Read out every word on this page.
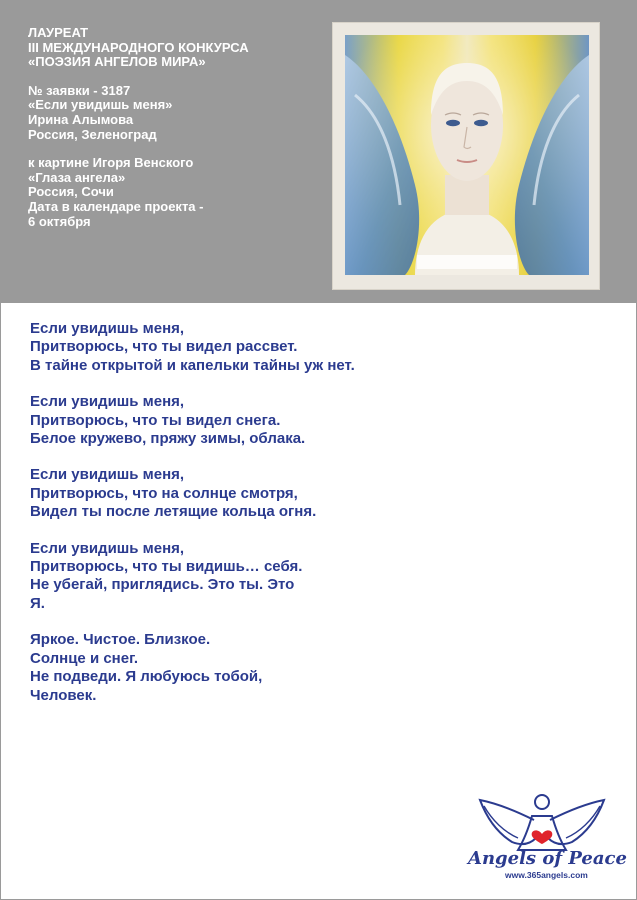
ЛАУРЕАТ
III МЕЖДУНАРОДНОГО КОНКУРСА
«ПОЭЗИЯ АНГЕЛОВ МИРА»
№ заявки - 3187
«Если увидишь меня»
Ирина Алымова
Россия, Зеленоград
к картине Игоря Венского
«Глаза ангела»
Россия, Сочи
Дата в календаре проекта -
6 октября
Если увидишь меня,
Притворюсь, что ты видел рассвет.
В тайне открытой и капельки тайны уж нет.
Если увидишь меня,
Притворюсь, что ты видел снега.
Белое кружево, пряжу зимы, облака.
Если увидишь меня,
Притворюсь, что на солнце смотря,
Видел ты после летящие кольца огня.
Если увидишь меня,
Притворюсь, что ты видишь… себя.
Не убегай, приглядись. Это ты. Это
Я.
Яркое. Чистое. Близкое.
Солнце и снег.
Не подведи. Я любуюсь тобой,
Человек.
Angels of Peace
www.365angels.com
